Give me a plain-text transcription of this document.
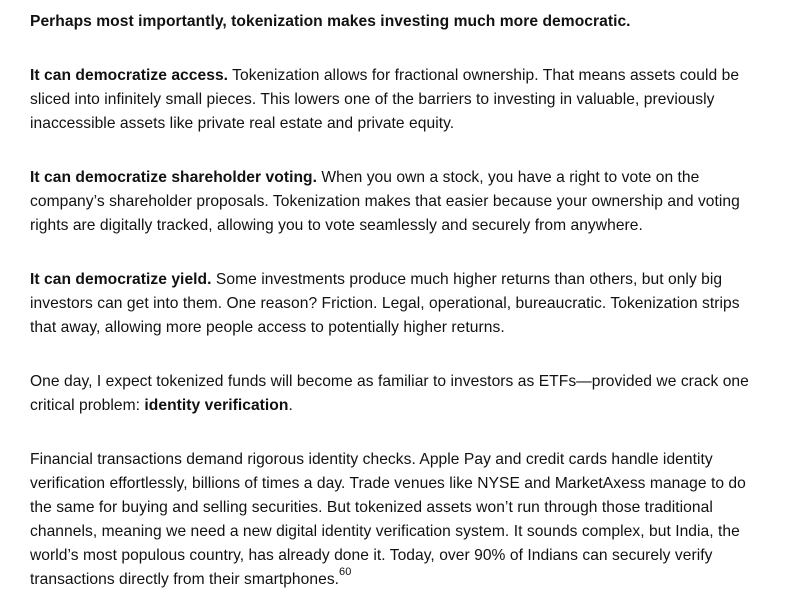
Perhaps most importantly, tokenization makes investing much more democratic.

It can democratize access. Tokenization allows for fractional ownership. That means assets could be sliced into infinitely small pieces. This lowers one of the barriers to investing in valuable, previously inaccessible assets like private real estate and private equity.

It can democratize shareholder voting. When you own a stock, you have a right to vote on the company’s shareholder proposals. Tokenization makes that easier because your ownership and voting rights are digitally tracked, allowing you to vote seamlessly and securely from anywhere.

It can democratize yield. Some investments produce much higher returns than others, but only big investors can get into them. One reason? Friction. Legal, operational, bureaucratic. Tokenization strips that away, allowing more people access to potentially higher returns.

One day, I expect tokenized funds will become as familiar to investors as ETFs—provided we crack one critical problem: identity verification.

Financial transactions demand rigorous identity checks. Apple Pay and credit cards handle identity verification effortlessly, billions of times a day. Trade venues like NYSE and MarketAxess manage to do the same for buying and selling securities. But tokenized assets won’t run through those traditional channels, meaning we need a new digital identity verification system. It sounds complex, but India, the world’s most populous country, has already done it. Today, over 90% of Indians can securely verify transactions directly from their smartphones.$^{60}$
